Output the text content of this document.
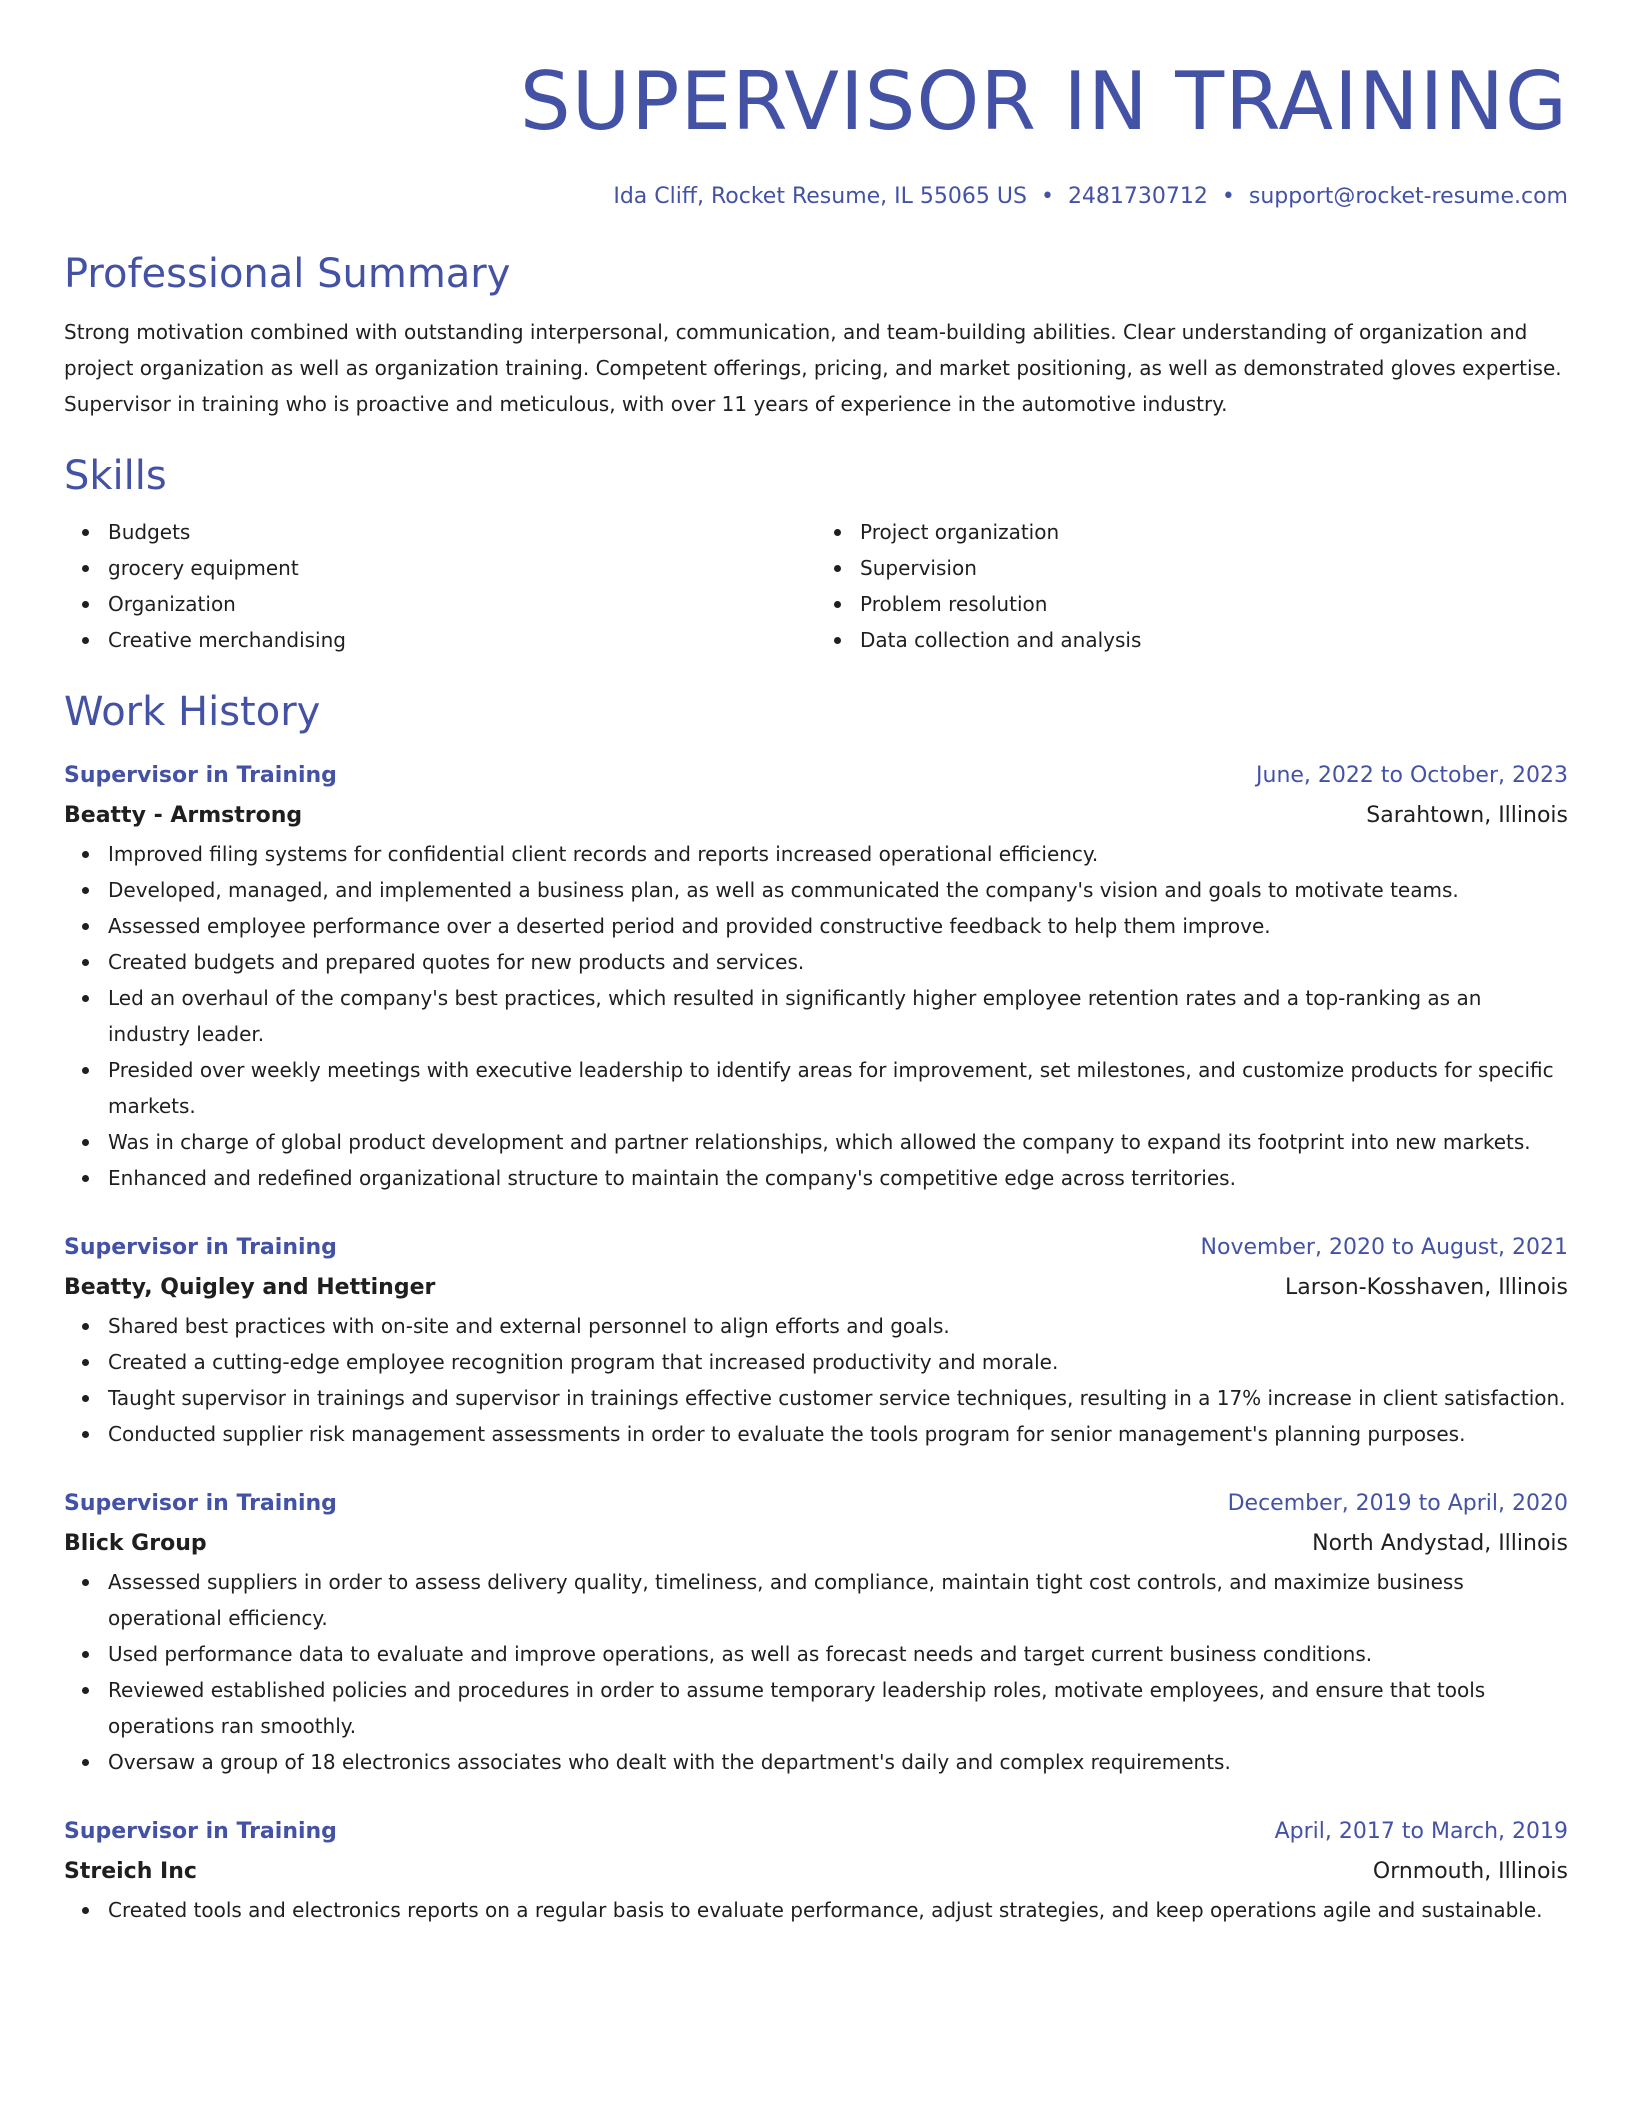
SUPERVISOR IN TRAINING
Ida Cliff, Rocket Resume, IL 55065 US • 2481730712 • support@rocket-resume.com
Professional Summary

Strong motivation combined with outstanding interpersonal, communication, and team-building abilities. Clear understanding of organization and project organization as well as organization training. Competent offerings, pricing, and market positioning, as well as demonstrated gloves expertise. Supervisor in training who is proactive and meticulous, with over 11 years of experience in the automotive industry.

Skills
Budgets
grocery equipment
Organization
Creative merchandising
Project organization
Supervision
Problem resolution
Data collection and analysis
Work History
Supervisor in Training	June, 2022 to October, 2023
Beatty - Armstrong	Sarahtown, Illinois
Improved filing systems for confidential client records and reports increased operational efficiency.
Developed, managed, and implemented a business plan, as well as communicated the company's vision and goals to motivate teams.
Assessed employee performance over a deserted period and provided constructive feedback to help them improve.
Created budgets and prepared quotes for new products and services.
Led an overhaul of the company's best practices, which resulted in significantly higher employee retention rates and a top-ranking as an industry leader.
Presided over weekly meetings with executive leadership to identify areas for improvement, set milestones, and customize products for specific markets.
Was in charge of global product development and partner relationships, which allowed the company to expand its footprint into new markets.
Enhanced and redefined organizational structure to maintain the company's competitive edge across territories.
Supervisor in Training	November, 2020 to August, 2021
Beatty, Quigley and Hettinger	Larson-Kosshaven, Illinois
Shared best practices with on-site and external personnel to align efforts and goals.
Created a cutting-edge employee recognition program that increased productivity and morale.
Taught supervisor in trainings and supervisor in trainings effective customer service techniques, resulting in a 17% increase in client satisfaction.
Conducted supplier risk management assessments in order to evaluate the tools program for senior management's planning purposes.
Supervisor in Training	December, 2019 to April, 2020
Blick Group	North Andystad, Illinois
Assessed suppliers in order to assess delivery quality, timeliness, and compliance, maintain tight cost controls, and maximize business operational efficiency.
Used performance data to evaluate and improve operations, as well as forecast needs and target current business conditions.
Reviewed established policies and procedures in order to assume temporary leadership roles, motivate employees, and ensure that tools operations ran smoothly.
Oversaw a group of 18 electronics associates who dealt with the department's daily and complex requirements.
Supervisor in Training	April, 2017 to March, 2019
Streich Inc	Ornmouth, Illinois
Created tools and electronics reports on a regular basis to evaluate performance, adjust strategies, and keep operations agile and sustainable.
